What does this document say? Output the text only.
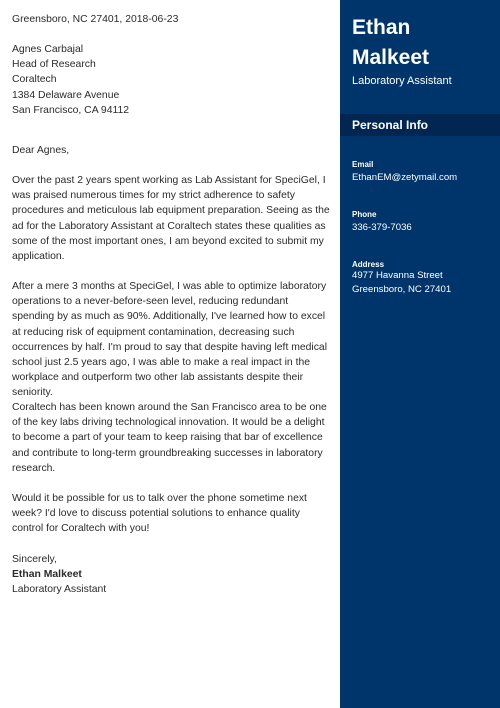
Greensboro, NC 27401, 2018-06-23

Agnes Carbajal

Head of Research

Coraltech

1384 Delaware Avenue

San Francisco, CA 94112

Dear Agnes,

Over the past 2 years spent working as Lab Assistant for SpeciGel, I was praised numerous times for my strict adherence to safety procedures and meticulous lab equipment preparation. Seeing as the ad for the Laboratory Assistant at Coraltech states these qualities as some of the most important ones, I am beyond excited to submit my application.

After a mere 3 months at SpeciGel, I was able to optimize laboratory operations to a never-before-seen level, reducing redundant spending by as much as 90%. Additionally, I've learned how to excel at reducing risk of equipment contamination, decreasing such occurrences by half. I'm proud to say that despite having left medical school just 2.5 years ago, I was able to make a real impact in the workplace and outperform two other lab assistants despite their seniority.

Coraltech has been known around the San Francisco area to be one of the key labs driving technological innovation. It would be a delight to become a part of your team to keep raising that bar of excellence and contribute to long-term groundbreaking successes in laboratory research.

Would it be possible for us to talk over the phone sometime next week? I'd love to discuss potential solutions to enhance quality control for Coraltech with you!

Sincerely,

Ethan Malkeet

Laboratory Assistant

Ethan
Malkeet
Laboratory Assistant
Personal Info
Email
EthanEM@zetymail.com
Phone
336-379-7036
Address
4977 Havanna Street
Greensboro, NC 27401
